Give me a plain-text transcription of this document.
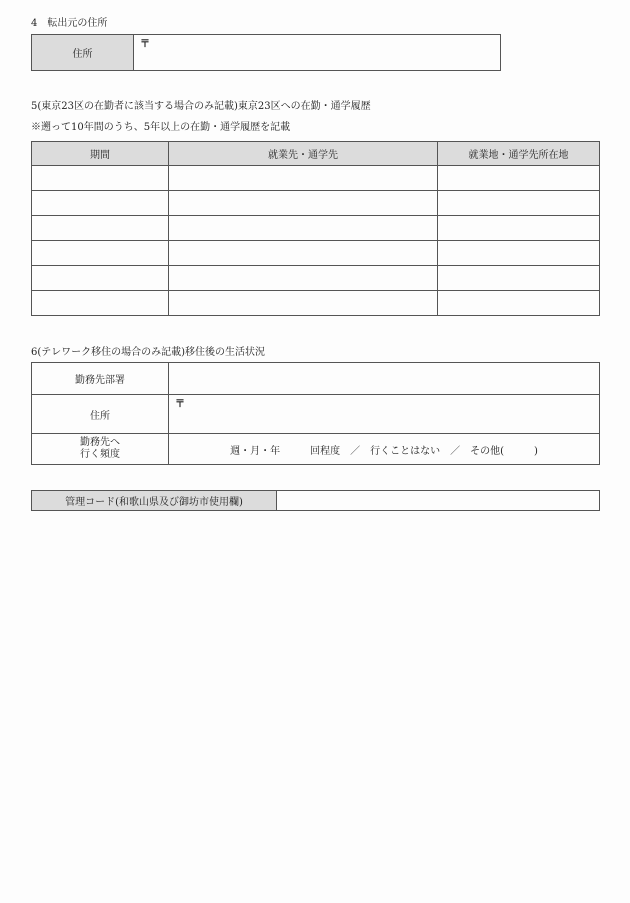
4　転出元の住所
住所	〒
5(東京23区の在勤者に該当する場合のみ記載)東京23区への在勤・通学履歴
※遡って10年間のうち、5年以上の在勤・通学履歴を記載
期間	就業先・通学先	就業地・通学先所在地

6(テレワーク移住の場合のみ記載)移住後の生活状況
勤務先部署	
住所	〒

勤務先へ
行く頻度	週・月・年　　　回程度　／　行くことはない　／　その他(　　　)
管理コード(和歌山県及び御坊市使用欄)	
